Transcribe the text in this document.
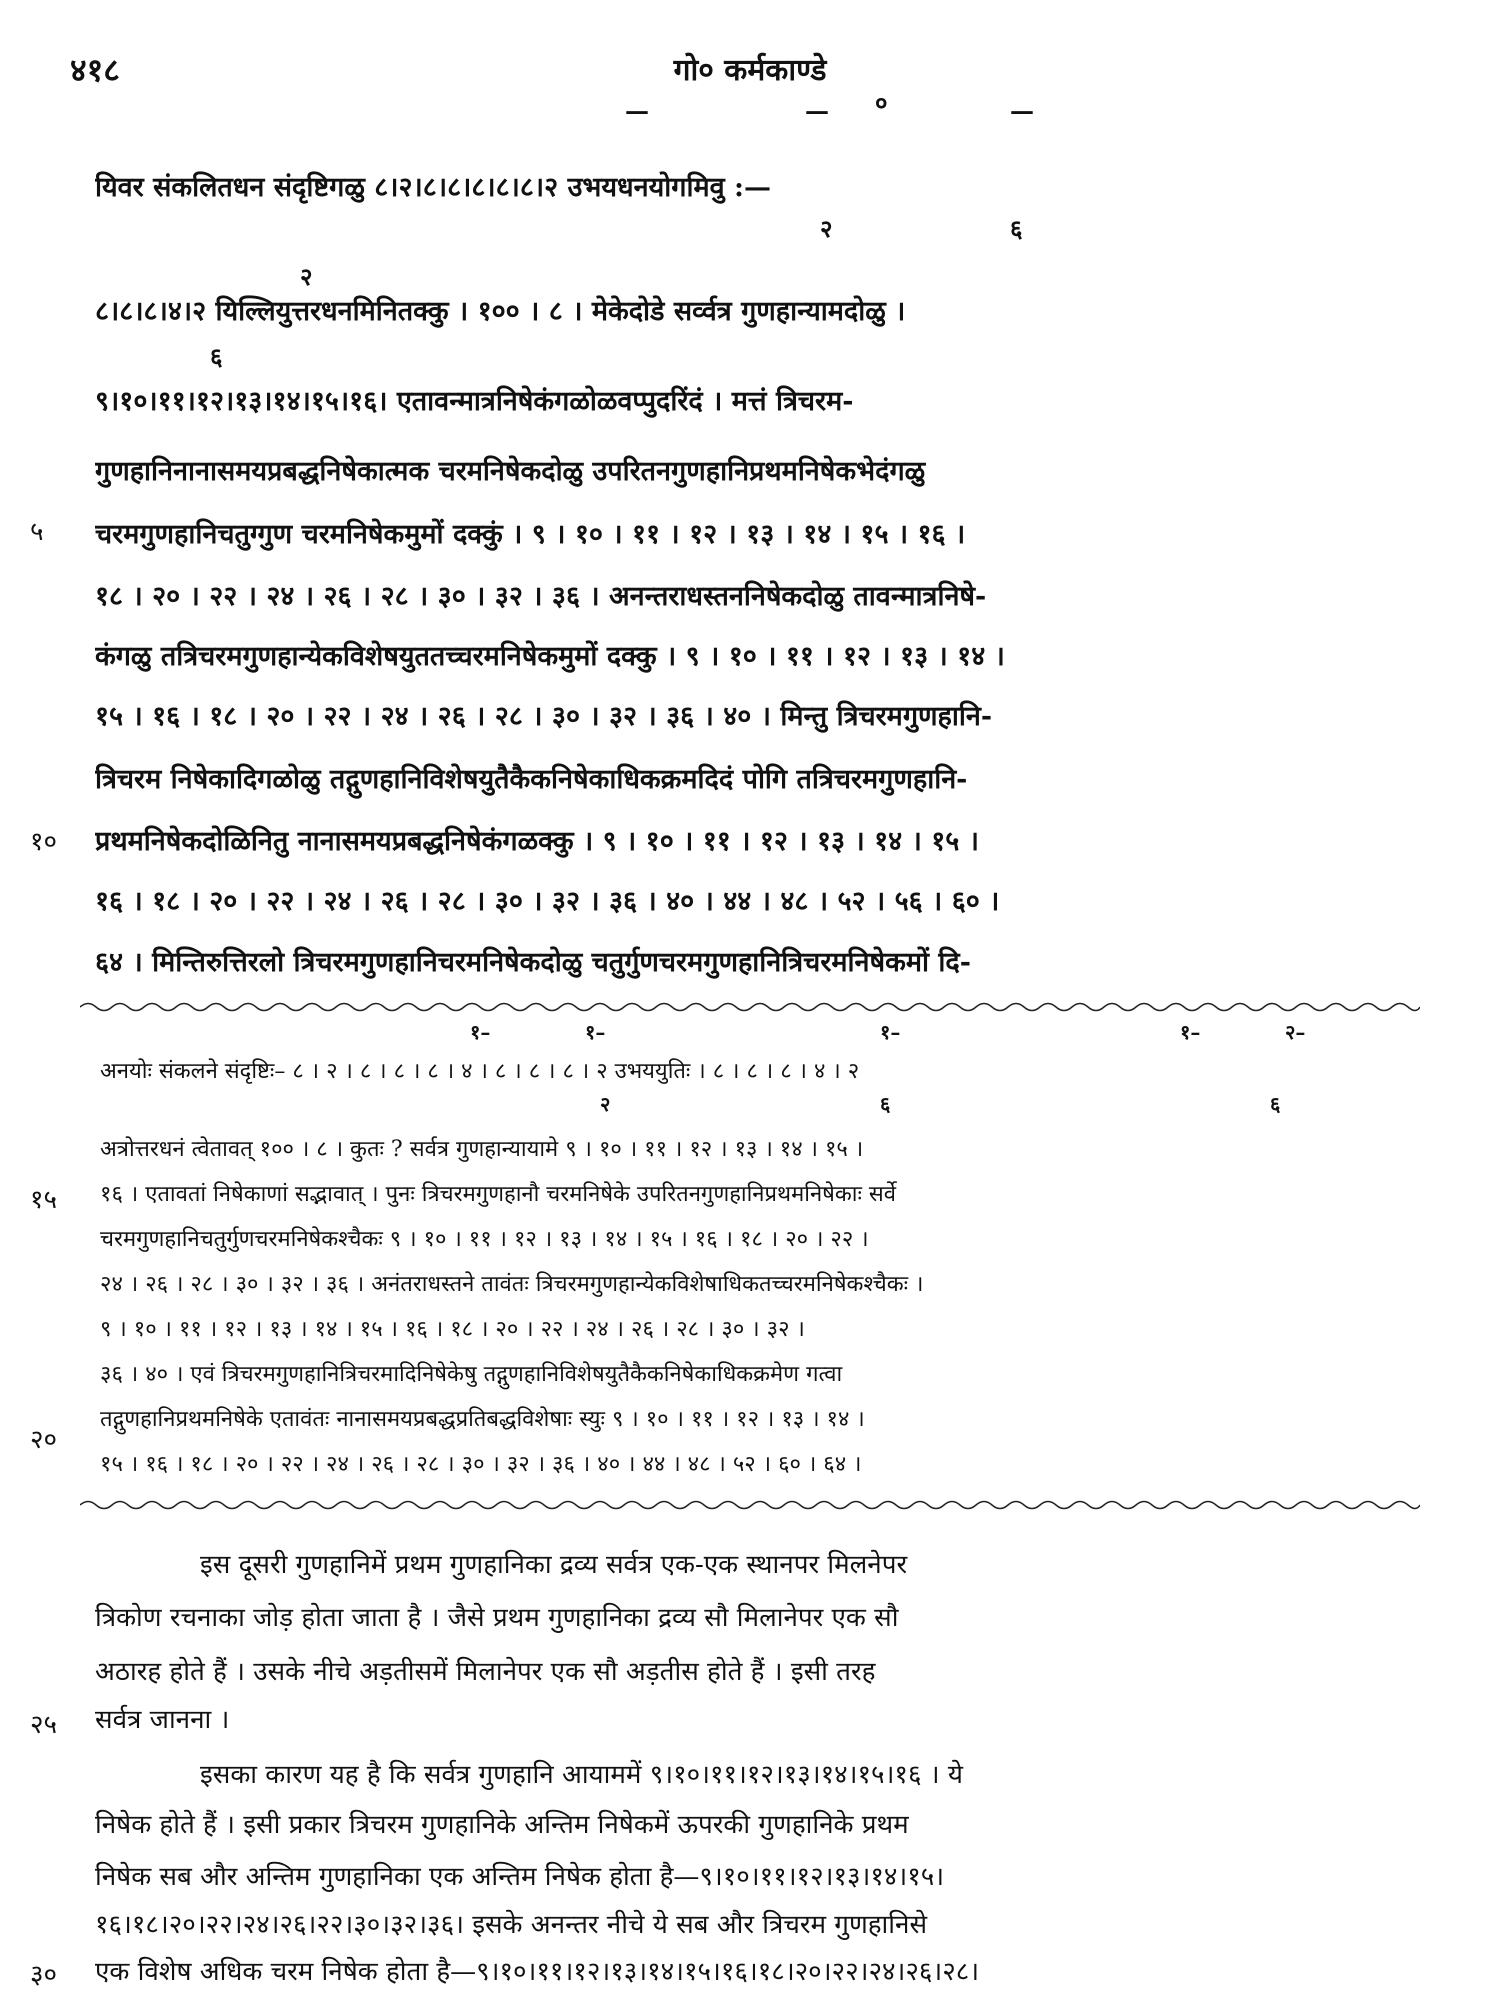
४१८	गो० कर्मकाण्डे
—	— ०	—
यिवर संकलितधन संदृष्टिगळु ८।२।८।८।८।८।८।२ उभयधनयोगमिवु :—
२	६
२
८।८।८।४।२ यिल्लियुत्तरधनमिनितक्कु । १०० । ८ । मेकेदोडे सर्व्वत्र गुणहान्यामदोळु ।
६
९।१०।११।१२।१३।१४।१५।१६। एतावन्मात्रनिषेकंगळोळवप्पुदरिंदं । मत्तं त्रिचरम-
गुणहानिनानासमयप्रबद्धनिषेकात्मक चरमनिषेकदोळु उपरितनगुणहानिप्रथमनिषेकभेदंगळु
५ चरमगुणहानिचतुग्गुण चरमनिषेकमुमों दक्कुं । ९ । १० । ११ । १२ । १३ । १४ । १५ । १६ ।
१८ । २० । २२ । २४ । २६ । २८ । ३० । ३२ । ३६ । अनन्तराधस्तननिषेकदोळु तावन्मात्रनिषे-
कंगळु तत्रिचरमगुणहान्येकविशेषयुततच्चरमनिषेकमुमों दक्कु । ९ । १० । ११ । १२ । १३ । १४ ।
१५ । १६ । १८ । २० । २२ । २४ । २६ । २८ । ३० । ३२ । ३६ । ४० । मिन्तु त्रिचरमगुणहानि-
त्रिचरम निषेकादिगळोळु तद्गुणहानिविशेषयुतैकैकनिषेकाधिकक्रमदिदं पोगि तत्रिचरमगुणहानि-
१० प्रथमनिषेकदोळिनितु नानासमयप्रबद्धनिषेकंगळक्कु । ९ । १० । ११ । १२ । १३ । १४ । १५ ।
१६ । १८ । २० । २२ । २४ । २६ । २८ । ३० । ३२ । ३६ । ४० । ४४ । ४८ । ५२ । ५६ । ६० ।
६४ । मिन्तिरुत्तिरलो त्रिचरमगुणहानिचरमनिषेकदोळु चतुर्गुणचरमगुणहानित्रिचरमनिषेकमों दि-
१–	१–	१–	१–	२–
अनयोः संकलने संदृष्टिः– ८ । २ । ८ । ८ । ८ । ४ । ८ । ८ । ८ । २ उभययुतिः । ८ । ८ । ८ । ४ । २
२	६	६
अत्रोत्तरधनं त्वेतावत् १०० । ८ । कुतः ? सर्वत्र गुणहान्यायामे ९ । १० । ११ । १२ । १३ । १४ । १५ ।
१५ १६ । एतावतां निषेकाणां सद्भावात् । पुनः त्रिचरमगुणहानौ चरमनिषेके उपरितनगुणहानिप्रथमनिषेकाः सर्वे
चरमगुणहानिचतुर्गुणचरमनिषेकश्चैकः ९ । १० । ११ । १२ । १३ । १४ । १५ । १६ । १८ । २० । २२ ।
२४ । २६ । २८ । ३० । ३२ । ३६ । अनंतराधस्तने तावंतः त्रिचरमगुणहान्येकविशेषाधिकतच्चरमनिषेकश्चैकः ।
९ । १० । ११ । १२ । १३ । १४ । १५ । १६ । १८ । २० । २२ । २४ । २६ । २८ । ३० । ३२ ।
३६ । ४० । एवं त्रिचरमगुणहानित्रिचरमादिनिषेकेषु तद्गुणहानिविशेषयुतैकैकनिषेकाधिकक्रमेण गत्वा
२०
तद्गुणहानिप्रथमनिषेके एतावंतः नानासमयप्रबद्धप्रतिबद्धविशेषाः स्युः ९ । १० । ११ । १२ । १३ । १४ ।
१५ । १६ । १८ । २० । २२ । २४ । २६ । २८ । ३० । ३२ । ३६ । ४० । ४४ । ४८ । ५२ । ६० । ६४ ।
इस दूसरी गुणहानिमें प्रथम गुणहानिका द्रव्य सर्वत्र एक-एक स्थानपर मिलनेपर
त्रिकोण रचनाका जोड़ होता जाता है । जैसे प्रथम गुणहानिका द्रव्य सौ मिलानेपर एक सौ
अठारह होते हैं । उसके नीचे अड़तीसमें मिलानेपर एक सौ अड़तीस होते हैं । इसी तरह
२५ सर्वत्र जानना ।
इसका कारण यह है कि सर्वत्र गुणहानि आयाममें ९।१०।११।१२।१३।१४।१५।१६ । ये
निषेक होते हैं । इसी प्रकार त्रिचरम गुणहानिके अन्तिम निषेकमें ऊपरकी गुणहानिके प्रथम
निषेक सब और अन्तिम गुणहानिका एक अन्तिम निषेक होता है—९।१०।११।१२।१३।१४।१५।
१६।१८।२०।२२।२४।२६।२२।३०।३२।३६। इसके अनन्तर नीचे ये सब और त्रिचरम गुणहानिसे
३० एक विशेष अधिक चरम निषेक होता है—९।१०।११।१२।१३।१४।१५।१६।१८।२०।२२।२४।२६।२८।
